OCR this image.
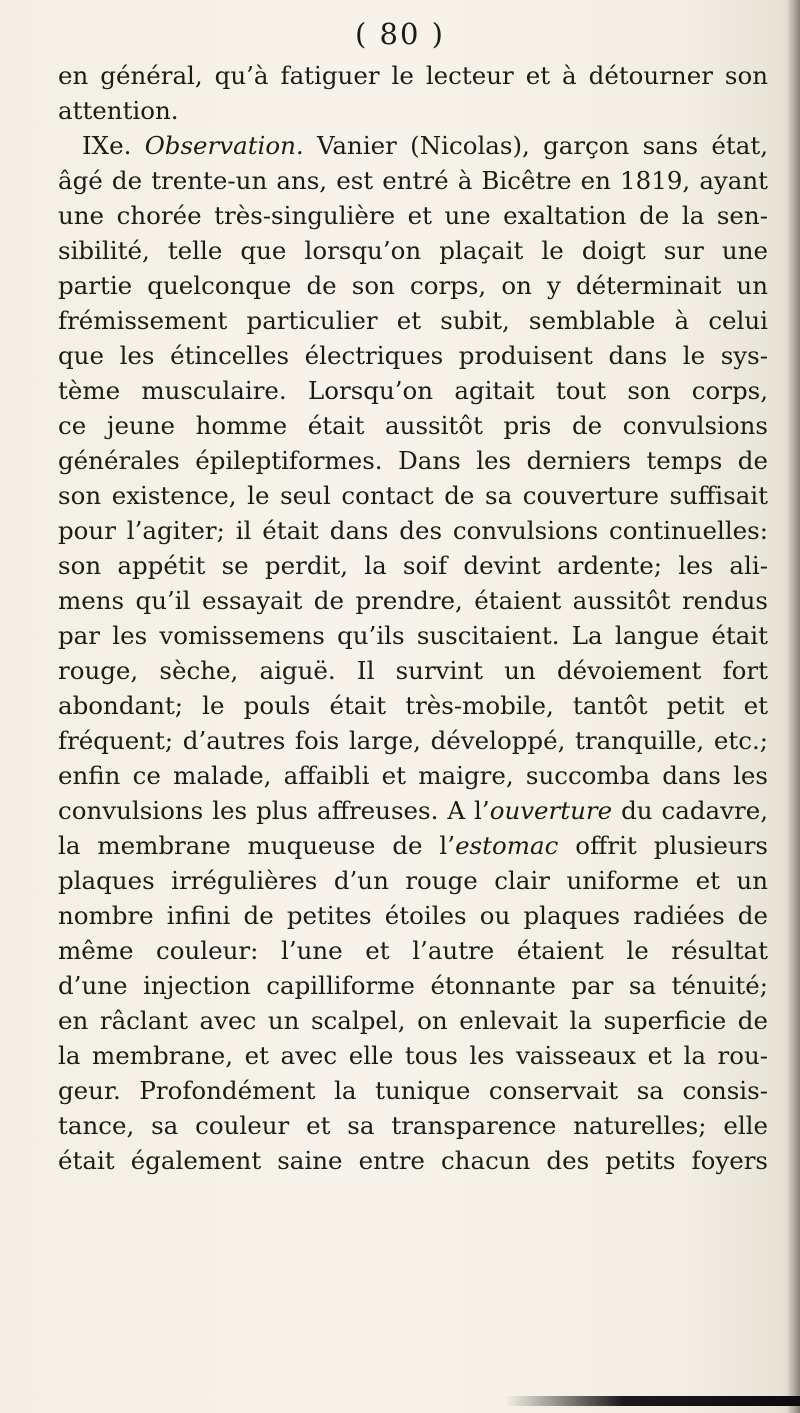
( 80 )
en général, qu’à fatiguer le lecteur et à détourner son
attention.
IXe. Observation. Vanier (Nicolas), garçon sans état,
âgé de trente-un ans, est entré à Bicêtre en 1819, ayant
une chorée très-singulière et une exaltation de la sen-
sibilité, telle que lorsqu’on plaçait le doigt sur une
partie quelconque de son corps, on y déterminait un
frémissement particulier et subit, semblable à celui
que les étincelles électriques produisent dans le sys-
tème musculaire. Lorsqu’on agitait tout son corps,
ce jeune homme était aussitôt pris de convulsions
générales épileptiformes. Dans les derniers temps de
son existence, le seul contact de sa couverture suffisait
pour l’agiter; il était dans des convulsions continuelles:
son appétit se perdit, la soif devint ardente; les ali-
mens qu’il essayait de prendre, étaient aussitôt rendus
par les vomissemens qu’ils suscitaient. La langue était
rouge, sèche, aiguë. Il survint un dévoiement fort
abondant; le pouls était très-mobile, tantôt petit et
fréquent; d’autres fois large, développé, tranquille, etc.;
enfin ce malade, affaibli et maigre, succomba dans les
convulsions les plus affreuses. A l’ouverture du cadavre,
la membrane muqueuse de l’estomac offrit plusieurs
plaques irrégulières d’un rouge clair uniforme et un
nombre infini de petites étoiles ou plaques radiées de
même couleur: l’une et l’autre étaient le résultat
d’une injection capilliforme étonnante par sa ténuité;
en râclant avec un scalpel, on enlevait la superficie de
la membrane, et avec elle tous les vaisseaux et la rou-
geur. Profondément la tunique conservait sa consis-
tance, sa couleur et sa transparence naturelles; elle
était également saine entre chacun des petits foyers
